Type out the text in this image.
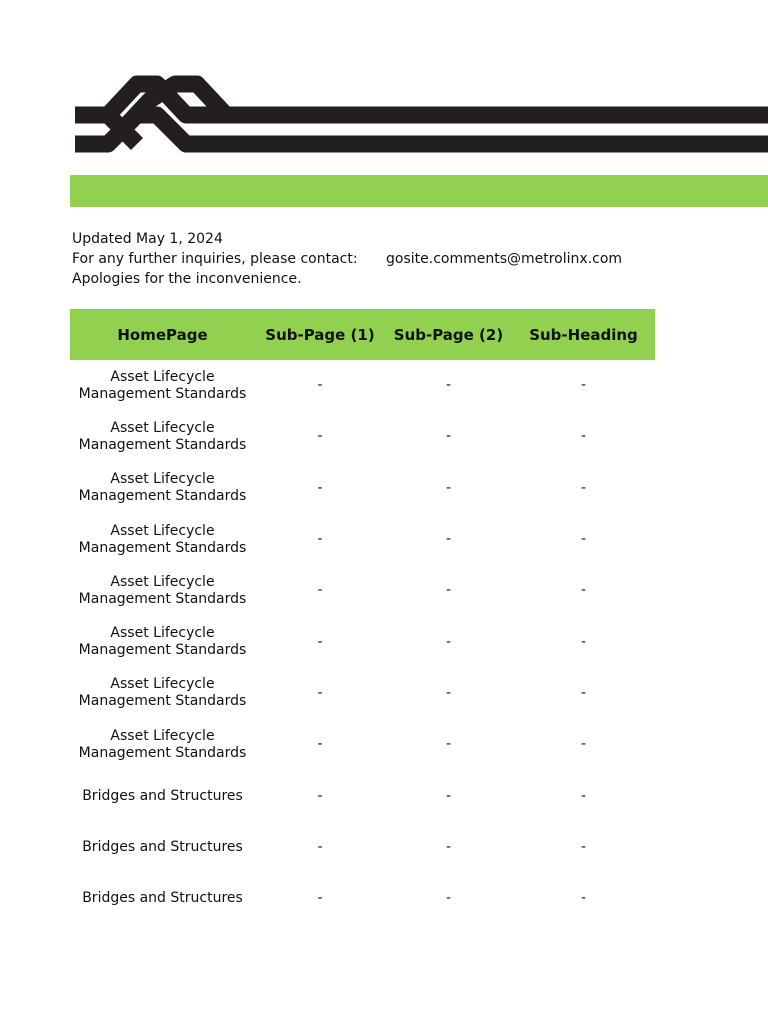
Updated May 1, 2024
For any further inquiries, please contact: gosite.comments@metrolinx.com
Apologies for the inconvenience.
HomePage	Sub-Page (1)	Sub-Page (2)	Sub-Heading
Asset Lifecycle Management Standards	-	-	-
Asset Lifecycle Management Standards	-	-	-
Asset Lifecycle Management Standards	-	-	-
Asset Lifecycle Management Standards	-	-	-
Asset Lifecycle Management Standards	-	-	-
Asset Lifecycle Management Standards	-	-	-
Asset Lifecycle Management Standards	-	-	-
Asset Lifecycle Management Standards	-	-	-
Bridges and Structures	-	-	-
Bridges and Structures	-	-	-
Bridges and Structures	-	-	-
